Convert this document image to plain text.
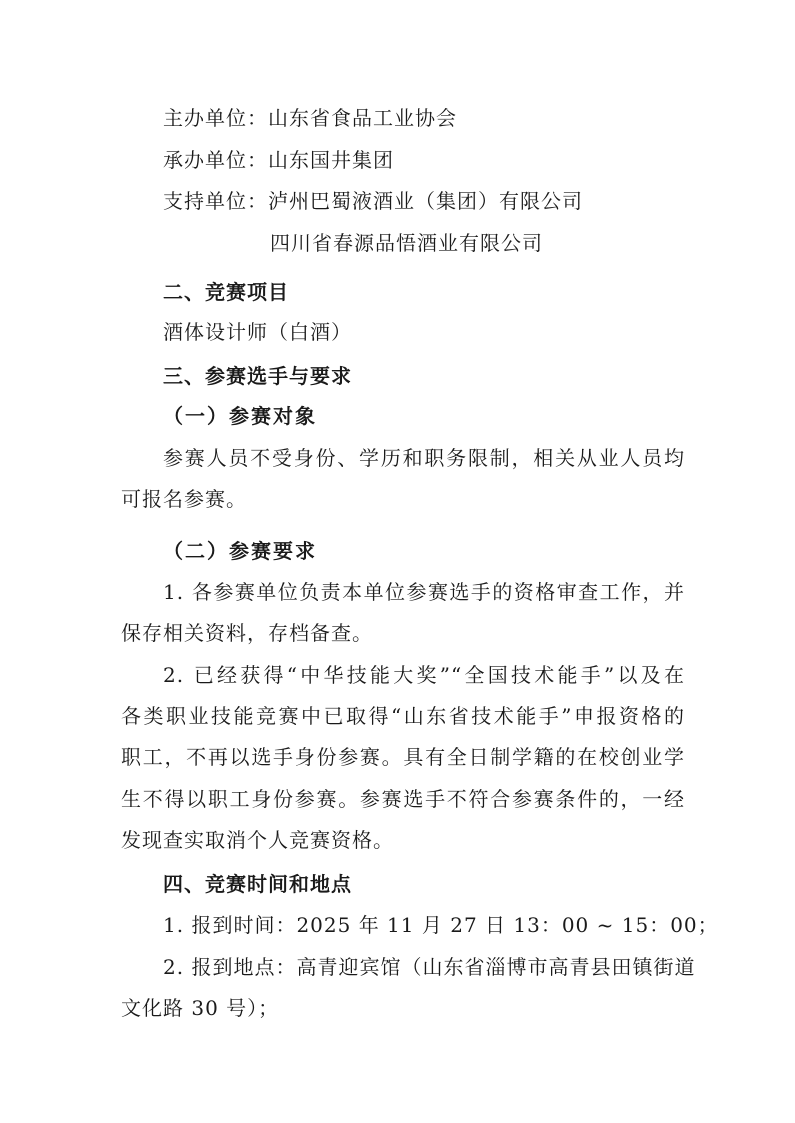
主办单位：山东省食品工业协会
承办单位：山东国井集团
支持单位：泸州巴蜀液酒业（集团）有限公司
四川省春源品悟酒业有限公司
二、竞赛项目
酒体设计师（白酒）
三、参赛选手与要求
（一）参赛对象
参赛人员不受身份、学历和职务限制，相关从业人员均
可报名参赛。
（二）参赛要求
1. 各参赛单位负责本单位参赛选手的资格审查工作，并
保存相关资料，存档备查。
2. 已经获得“中华技能大奖”“全国技术能手”以及在
各类职业技能竞赛中已取得“山东省技术能手”申报资格的
职工，不再以选手身份参赛。具有全日制学籍的在校创业学
生不得以职工身份参赛。参赛选手不符合参赛条件的，一经
发现查实取消个人竞赛资格。
四、竞赛时间和地点
1. 报到时间：2025 年 11 月 27 日 13：00 ~ 15：00；
2. 报到地点：高青迎宾馆（山东省淄博市高青县田镇街道
文化路 30 号）；
